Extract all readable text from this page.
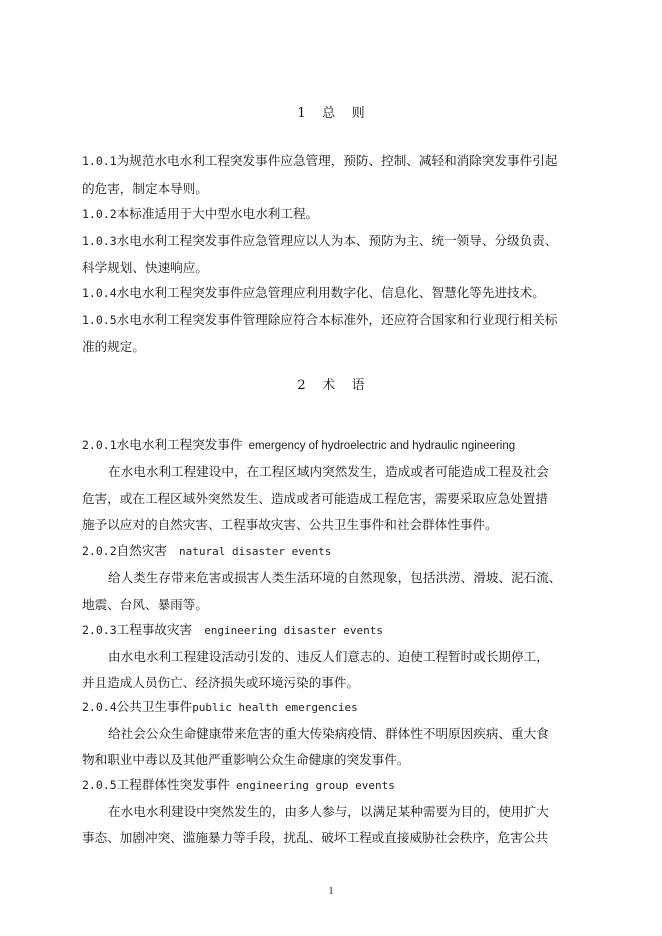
1    总    则
1.0.1为规范水电水利工程突发事件应急管理，预防、控制、减轻和消除突发事件引起
的危害，制定本导则。
1.0.2本标准适用于大中型水电水利工程。
1.0.3水电水利工程突发事件应急管理应以人为本、预防为主、统一领导、分级负责、
科学规划、快速响应。
1.0.4水电水利工程突发事件应急管理应利用数字化、信息化、智慧化等先进技术。
1.0.5水电水利工程突发事件管理除应符合本标准外，还应符合国家和行业现行相关标
准的规定。
2    术    语
2.0.1水电水利工程突发事件 emergency of hydroelectric and hydraulic ngineering
在水电水利工程建设中，在工程区域内突然发生，造成或者可能造成工程及社会
危害，或在工程区域外突然发生、造成或者可能造成工程危害，需要采取应急处置措
施予以应对的自然灾害、工程事故灾害、公共卫生事件和社会群体性事件。
2.0.2自然灾害 natural disaster events
给人类生存带来危害或损害人类生活环境的自然现象，包括洪涝、滑坡、泥石流、
地震、台风、暴雨等。
2.0.3工程事故灾害 engineering disaster events
由水电水利工程建设活动引发的、违反人们意志的、迫使工程暂时或长期停工，
并且造成人员伤亡、经济损失或环境污染的事件。
2.0.4公共卫生事件public health emergencies
给社会公众生命健康带来危害的重大传染病疫情、群体性不明原因疾病、重大食
物和职业中毒以及其他严重影响公众生命健康的突发事件。
2.0.5工程群体性突发事件 engineering group events
在水电水利建设中突然发生的，由多人参与，以满足某种需要为目的，使用扩大
事态、加剧冲突、滥施暴力等手段，扰乱、破坏工程或直接威胁社会秩序，危害公共
1
